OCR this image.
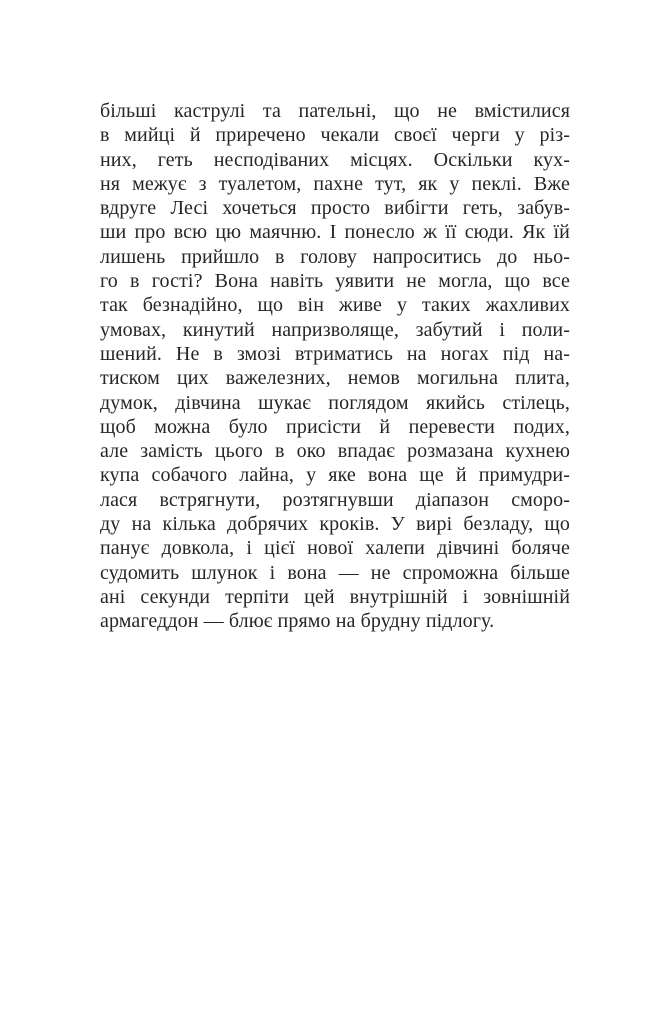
більші каструлі та пательні, що не вмістилися
в мийці й приречено чекали своєї черги у різ-
них, геть несподіваних місцях. Оскільки кух-
ня межує з туалетом, пахне тут, як у пеклі. Вже
вдруге Лесі хочеться просто вибігти геть, забув-
ши про всю цю маячню. І понесло ж її сюди. Як їй
лишень прийшло в голову напроситись до ньо-
го в гості? Вона навіть уявити не могла, що все
так безнадійно, що він живе у таких жахливих
умовах, кинутий напризволяще, забутий і поли-
шений. Не в змозі втриматись на ногах під на-
тиском цих важелезних, немов могильна плита,
думок, дівчина шукає поглядом якийсь стілець,
щоб можна було присісти й перевести подих,
але замість цього в око впадає розмазана кухнею
купа собачого лайна, у яке вона ще й примудри-
лася встрягнути, розтягнувши діапазон сморо-
ду на кілька добрячих кроків. У вирі безладу, що
панує довкола, і цієї нової халепи дівчині боляче
судомить шлунок і вона — не спроможна більше
ані секунди терпіти цей внутрішній і зовнішній
армагеддон — блює прямо на брудну підлогу.
